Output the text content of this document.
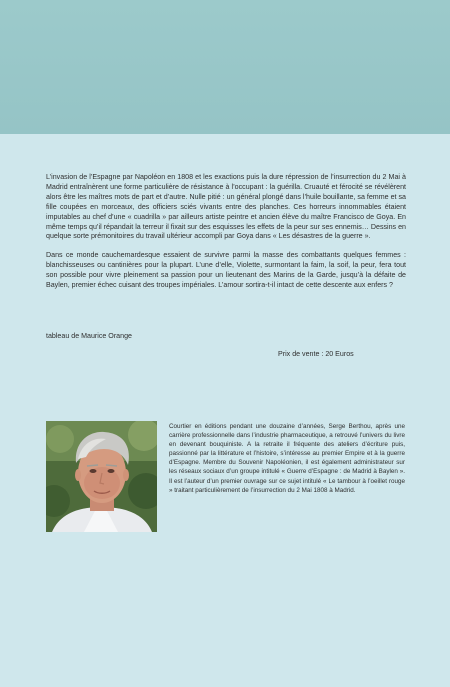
L’invasion de l’Espagne par Napoléon en 1808 et les exactions puis la dure répression de l’insurrection du 2 Mai à Madrid entraînèrent une forme particulière de résistance à l’occupant : la guérilla. Cruauté et férocité se révélèrent alors être les maîtres mots de part et d’autre. Nulle pitié : un général plongé dans l’huile bouillante, sa femme et sa fille coupées en morceaux, des officiers sciés vivants entre des planches. Ces horreurs innommables étaient imputables au chef d’une « cuadrilla » par ailleurs artiste peintre et ancien élève du maître Francisco de Goya. En même temps qu’il répandait la terreur il fixait sur des esquisses les effets de la peur sur ses ennemis… Dessins en quelque sorte prémonitoires du travail ultérieur accompli par Goya dans « Les désastres de la guerre ».

Dans ce monde cauchemardesque essaient de survivre parmi la masse des combattants quelques femmes : blanchisseuses ou cantinières pour la plupart. L’une d’elle, Violette, surmontant la faim, la soif, la peur, fera tout son possible pour vivre pleinement sa passion pour un lieutenant des Marins de la Garde, jusqu’à la défaite de Baylen, premier échec cuisant des troupes impériales. L’amour sortira-t-il intact de cette descente aux enfers ?

tableau de Maurice Orange
Prix de vente : 20 Euros
Courtier en éditions pendant une douzaine d’années, Serge Berthou, après une carrière professionnelle dans l’industrie pharmaceutique, a retrouvé l’univers du livre en devenant bouquiniste. A la retraite il fréquente des ateliers d’écriture puis, passionné par la littérature et l’histoire, s’intéresse au premier Empire et à la guerre d’Espagne. Membre du Souvenir Napoléonien, il est également administrateur sur les réseaux sociaux d’un groupe intitulé « Guerre d’Espagne : de Madrid à Baylen ». Il est l’auteur d’un premier ouvrage sur ce sujet intitulé « Le tambour à l’oeillet rouge » traitant particulièrement de l’insurrection du 2 Mai 1808 à Madrid.
